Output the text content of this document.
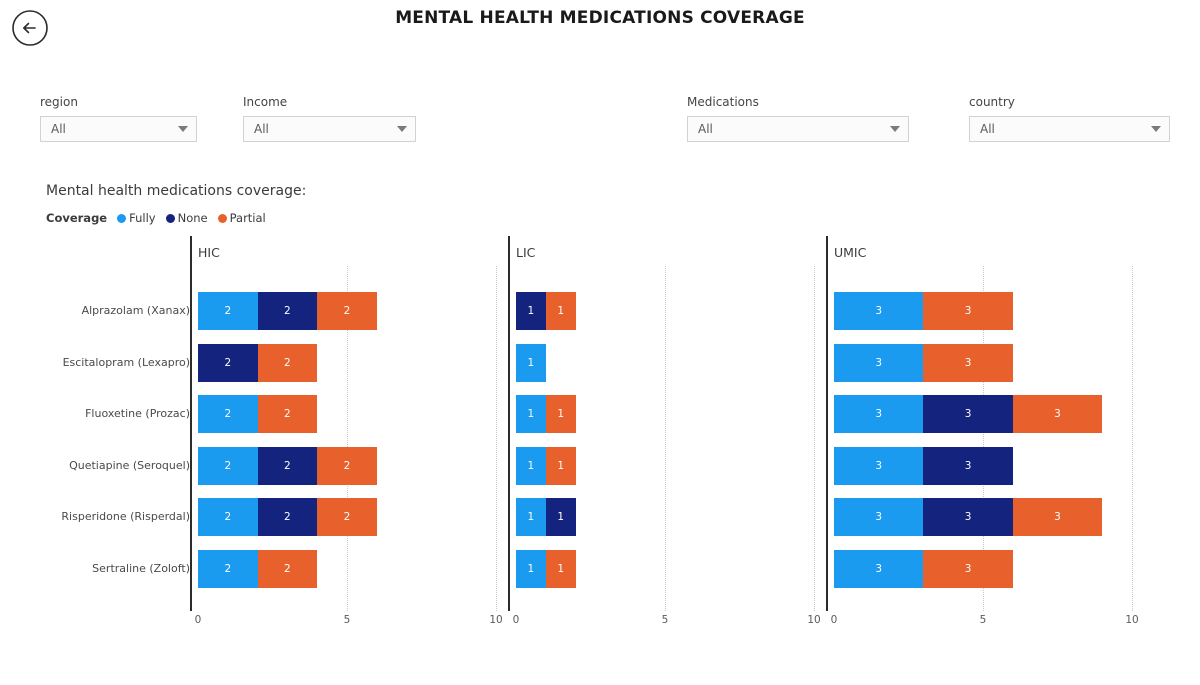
MENTAL HEALTH MEDICATIONS COVERAGE
region
All
Income
All
Medications
All
country
All
Mental health medications coverage:
Coverage Fully None Partial
Alprazolam (Xanax)
Escitalopram (Lexapro)
Fluoxetine (Prozac)
Quetiapine (Seroquel)
Risperidone (Risperdal)
Sertraline (Zoloft)
HIC
0	5	10
2	2	2
2	2
2	2
2	2	2
2	2	2
2	2
LIC
0	5	10
1	1
1
1	1
1	1
1	1
1	1
UMIC
0	5	10
3	3
3	3
3	3	3
3	3
3	3	3
3	3
